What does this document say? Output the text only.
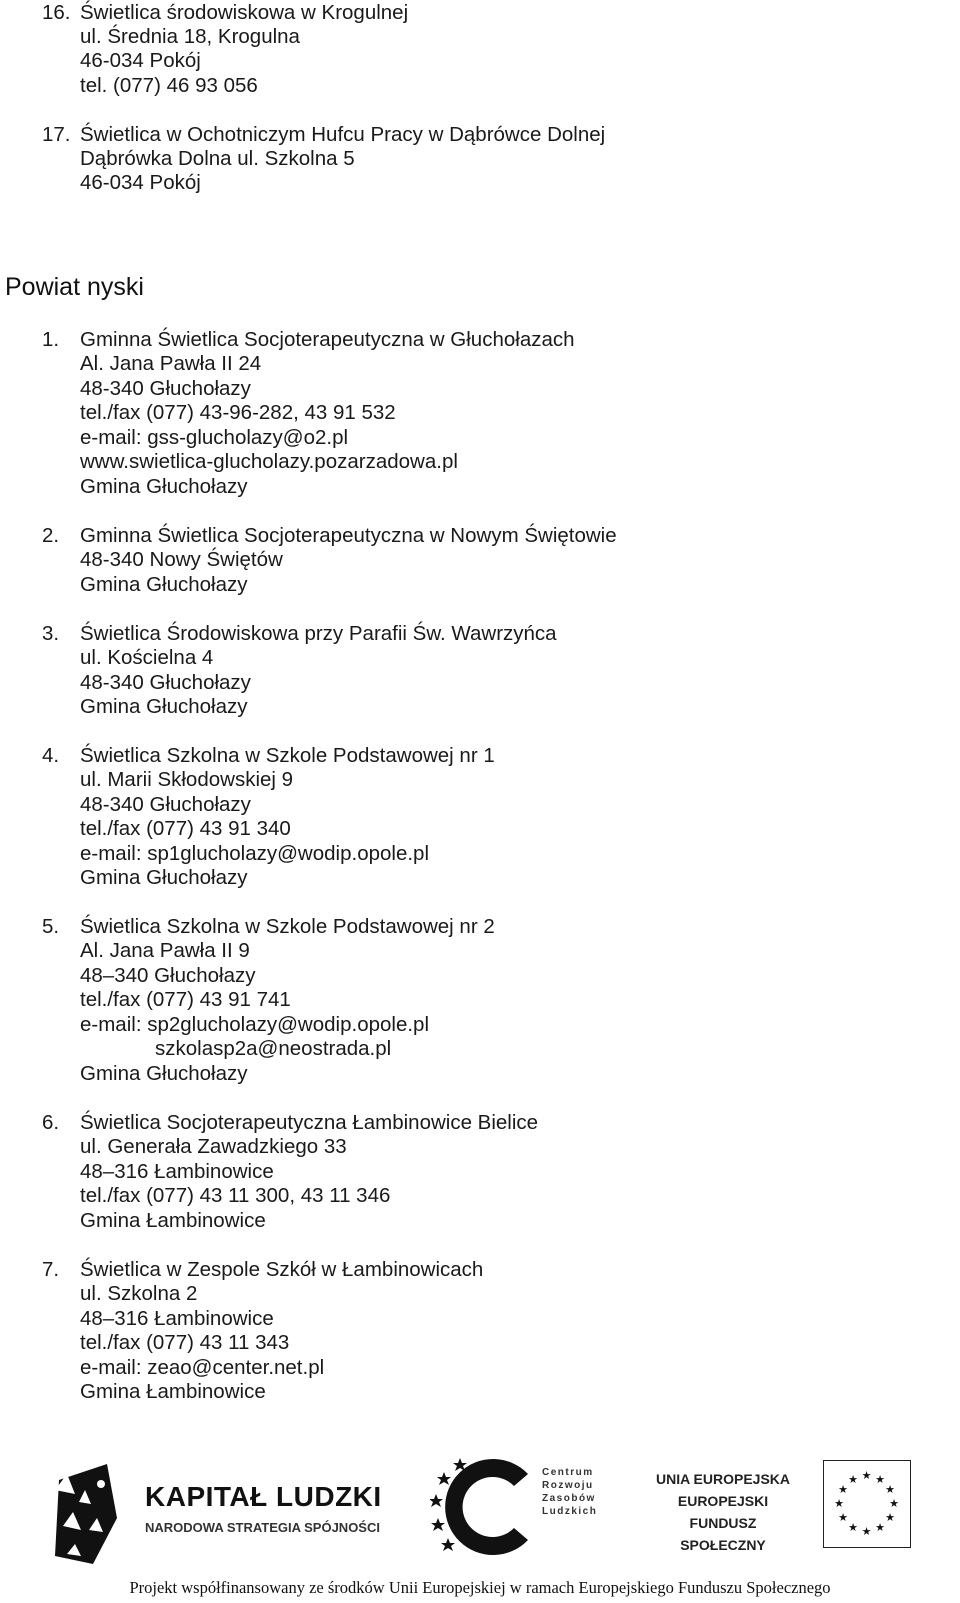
16. Świetlica środowiskowa w Krogulnej
ul. Średnia 18, Krogulna
46-034 Pokój
tel. (077) 46 93 056
17. Świetlica w Ochotniczym Hufcu Pracy w Dąbrówce Dolnej
Dąbrówka Dolna ul. Szkolna 5
46-034 Pokój
Powiat nyski
1. Gminna Świetlica Socjoterapeutyczna w Głuchołazach
Al. Jana Pawła II 24
48-340 Głuchołazy
tel./fax (077) 43-96-282, 43 91 532
e-mail: gss-glucholazy@o2.pl
www.swietlica-glucholazy.pozarzadowa.pl
Gmina Głuchołazy
2. Gminna Świetlica Socjoterapeutyczna w Nowym Świętowie
48-340 Nowy Świętów
Gmina Głuchołazy
3. Świetlica Środowiskowa przy Parafii Św. Wawrzyńca
ul. Kościelna 4
48-340 Głuchołazy
Gmina Głuchołazy
4. Świetlica Szkolna w Szkole Podstawowej nr 1
ul. Marii Skłodowskiej 9
48-340 Głuchołazy
tel./fax (077) 43 91 340
e-mail: sp1glucholazy@wodip.opole.pl
Gmina Głuchołazy
5. Świetlica Szkolna w Szkole Podstawowej nr 2
Al. Jana Pawła II 9
48–340 Głuchołazy
tel./fax (077) 43 91 741
e-mail: sp2glucholazy@wodip.opole.pl
szkolasp2a@neostrada.pl
Gmina Głuchołazy
6. Świetlica Socjoterapeutyczna Łambinowice Bielice
ul. Generała Zawadzkiego 33
48–316 Łambinowice
tel./fax (077) 43 11 300, 43 11 346
Gmina Łambinowice
7. Świetlica w Zespole Szkół w Łambinowicach
ul. Szkolna 2
48–316 Łambinowice
tel./fax (077) 43 11 343
e-mail: zeao@center.net.pl
Gmina Łambinowice
KAPITAŁ LUDZKI
NARODOWA STRATEGIA SPÓJNOŚCI
Centrum
Rozwoju
Zasobów
Ludzkich
UNIA EUROPEJSKA
EUROPEJSKI
FUNDUSZ SPOŁECZNY
★ ★
★
★
★
★
★
★
★
★
★
★
Projekt współfinansowany ze środków Unii Europejskiej w ramach Europejskiego Funduszu Społecznego
